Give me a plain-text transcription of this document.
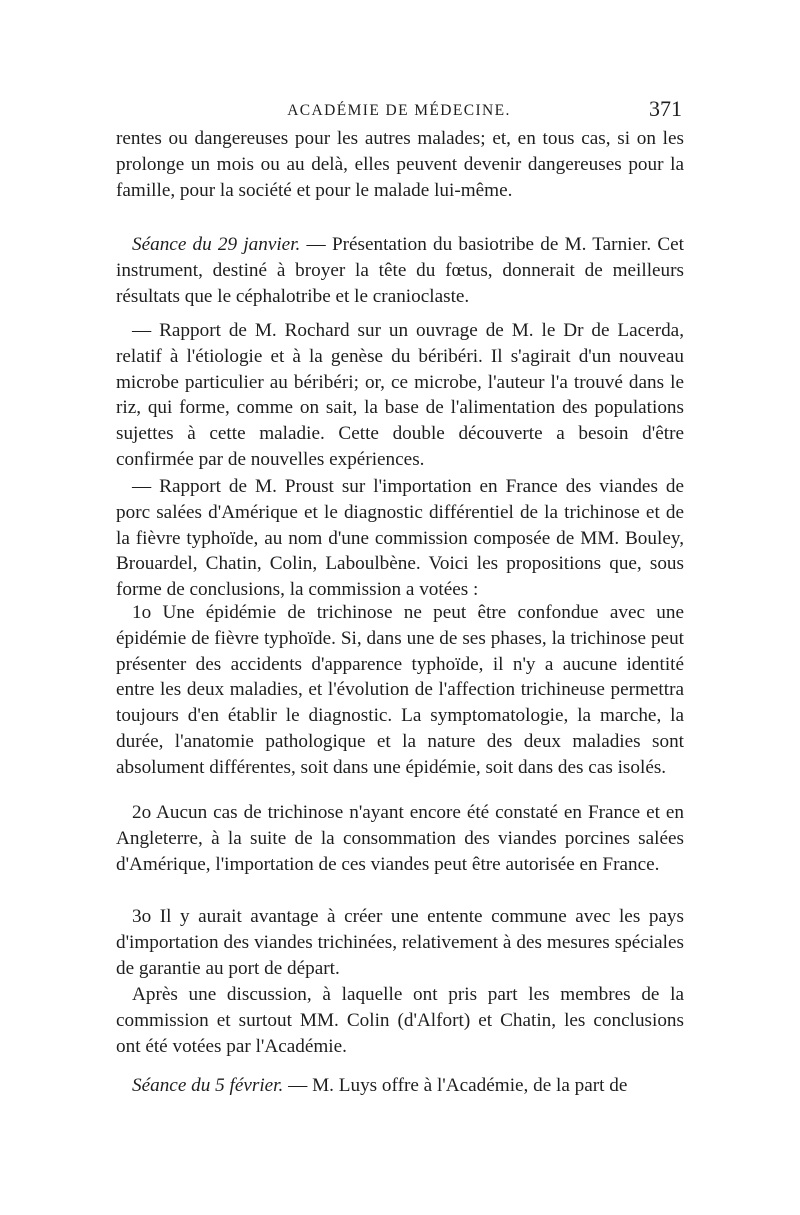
ACADÉMIE DE MÉDECINE.	371

rentes ou dangereuses pour les autres malades; et, en tous cas, si on les prolonge un mois ou au delà, elles peuvent devenir dangereuses pour la famille, pour la société et pour le malade lui-même.

Séance du 29 janvier. — Présentation du basiotribe de M. Tarnier. Cet instrument, destiné à broyer la tête du fœtus, donnerait de meilleurs résultats que le céphalotribe et le cranioclaste.

— Rapport de M. Rochard sur un ouvrage de M. le Dr de Lacerda, relatif à l'étiologie et à la genèse du béribéri. Il s'agirait d'un nouveau microbe particulier au béribéri; or, ce microbe, l'auteur l'a trouvé dans le riz, qui forme, comme on sait, la base de l'alimentation des populations sujettes à cette maladie. Cette double découverte a besoin d'être confirmée par de nouvelles expériences.

— Rapport de M. Proust sur l'importation en France des viandes de porc salées d'Amérique et le diagnostic différentiel de la trichinose et de la fièvre typhoïde, au nom d'une commission composée de MM. Bouley, Brouardel, Chatin, Colin, Laboulbène. Voici les propositions que, sous forme de conclusions, la commission a votées :

1o Une épidémie de trichinose ne peut être confondue avec une épidémie de fièvre typhoïde. Si, dans une de ses phases, la trichinose peut présenter des accidents d'apparence typhoïde, il n'y a aucune identité entre les deux maladies, et l'évolution de l'affection trichineuse permettra toujours d'en établir le diagnostic. La symptomatologie, la marche, la durée, l'anatomie pathologique et la nature des deux maladies sont absolument différentes, soit dans une épidémie, soit dans des cas isolés.

2o Aucun cas de trichinose n'ayant encore été constaté en France et en Angleterre, à la suite de la consommation des viandes porcines salées d'Amérique, l'importation de ces viandes peut être autorisée en France.

3o Il y aurait avantage à créer une entente commune avec les pays d'importation des viandes trichinées, relativement à des mesures spéciales de garantie au port de départ.

Après une discussion, à laquelle ont pris part les membres de la commission et surtout MM. Colin (d'Alfort) et Chatin, les conclusions ont été votées par l'Académie.

Séance du 5 février. — M. Luys offre à l'Académie, de la part de
